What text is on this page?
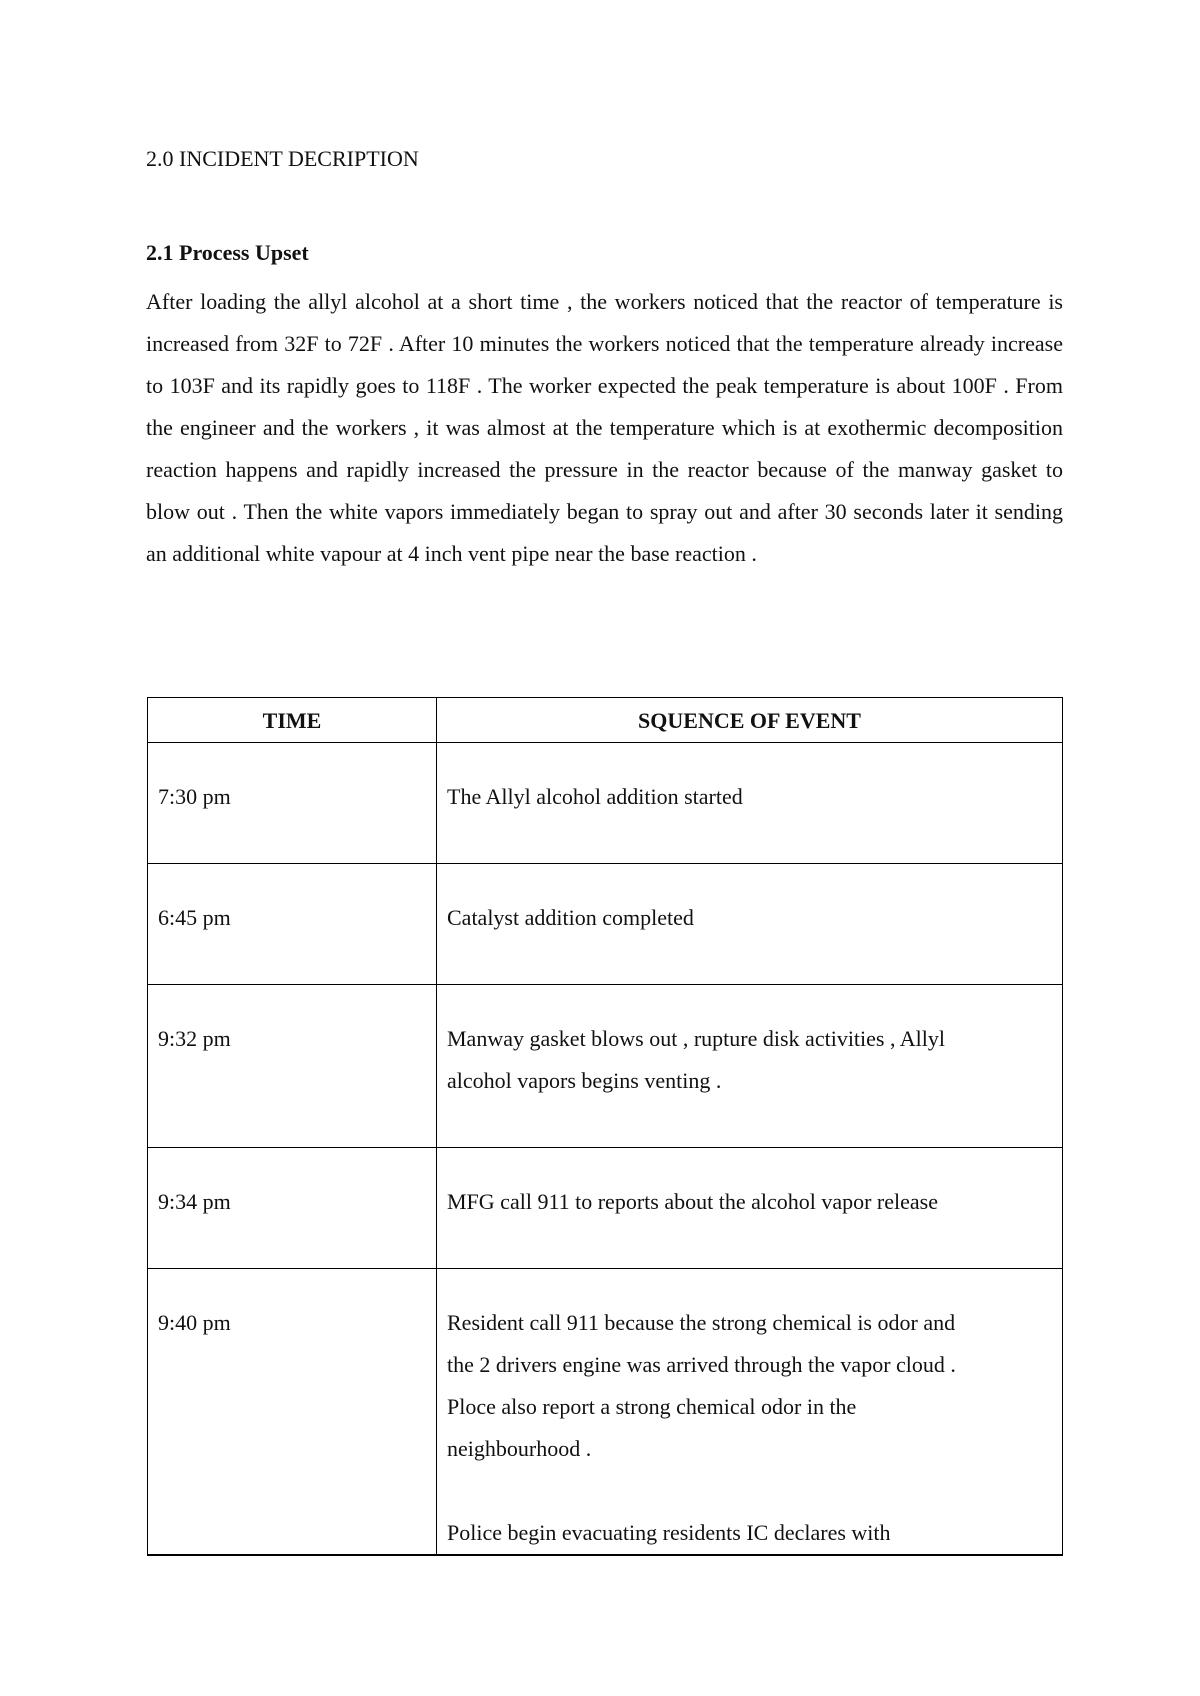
2.0 INCIDENT DECRIPTION
2.1 Process Upset

After loading the allyl alcohol at a short time , the workers noticed that the reactor of temperature is increased from 32F to 72F . After 10 minutes the workers noticed that the temperature already increase to 103F and its rapidly goes to 118F . The worker expected the peak temperature is about 100F . From the engineer and the workers , it was almost at the temperature which is at exothermic decomposition reaction happens and rapidly increased the pressure in the reactor because of the manway gasket to blow out . Then the white vapors immediately began to spray out and after 30 seconds later it sending an additional white vapour at 4 inch vent pipe near the base reaction .

TIME	SQUENCE OF EVENT
7:30 pm	The Allyl alcohol addition started
6:45 pm	Catalyst addition completed
9:32 pm	Manway gasket blows out , rupture disk activities , Allyl
alcohol vapors begins venting .
9:34 pm	MFG call 911 to reports about the alcohol vapor release
9:40 pm	Resident call 911 because the strong chemical is odor and
the 2 drivers engine was arrived through the vapor cloud .
Ploce also report a strong chemical odor in the
neighbourhood .

Police begin evacuating residents IC declares with
